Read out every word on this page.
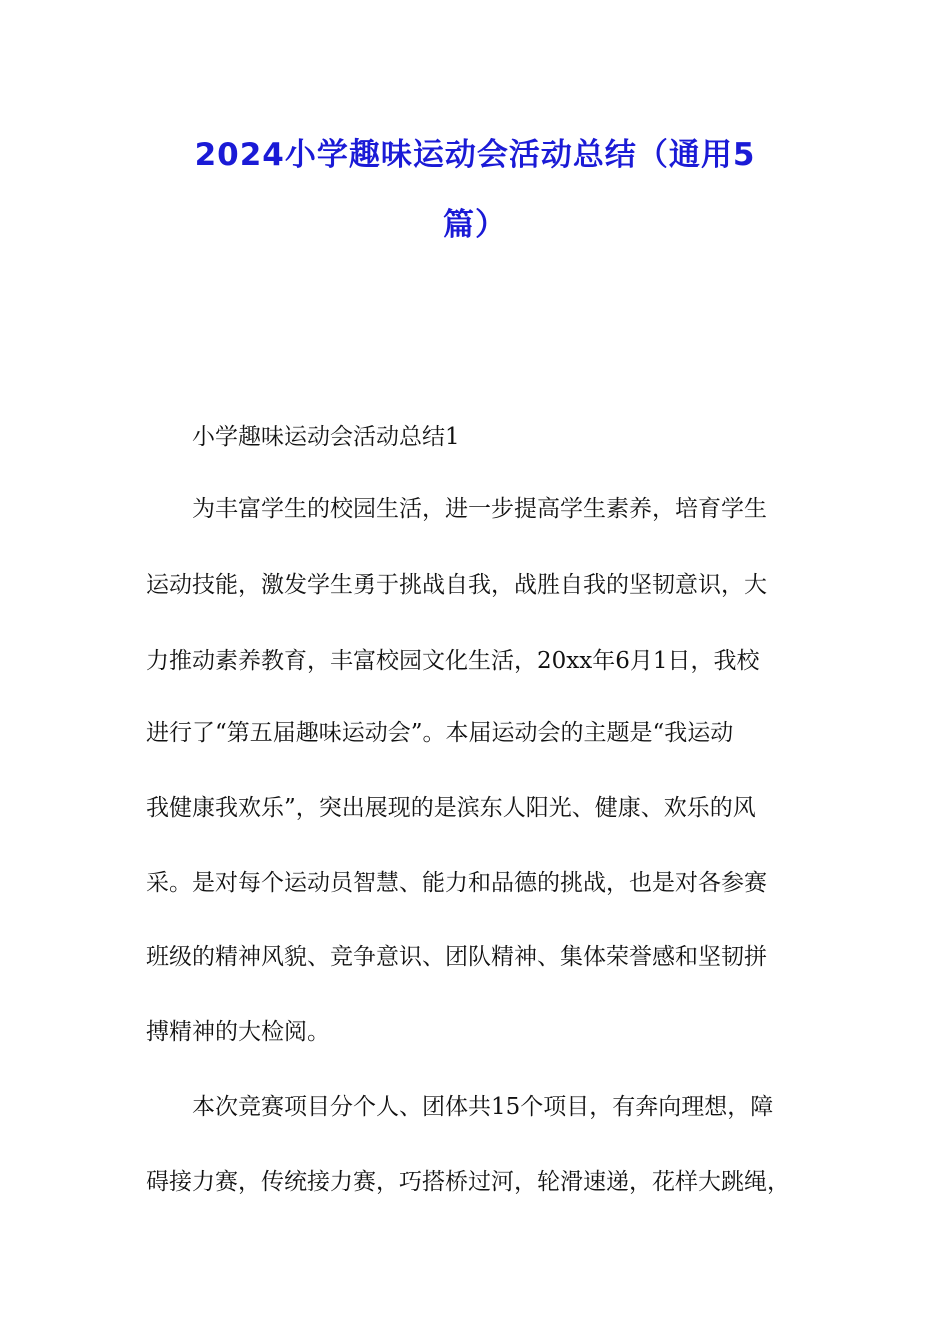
2024小学趣味运动会活动总结（通用5
篇）

小学趣味运动会活动总结1

为丰富学生的校园生活，进一步提高学生素养，培育学生

运动技能，激发学生勇于挑战自我，战胜自我的坚韧意识，大

力推动素养教育，丰富校园文化生活，20xx年6月1日，我校

进行了“第五届趣味运动会”。本届运动会的主题是“我运动

我健康我欢乐”，突出展现的是滨东人阳光、健康、欢乐的风

采。是对每个运动员智慧、能力和品德的挑战，也是对各参赛

班级的精神风貌、竞争意识、团队精神、集体荣誉感和坚韧拼

搏精神的大检阅。

本次竞赛项目分个人、团体共15个项目，有奔向理想，障

碍接力赛，传统接力赛，巧搭桥过河，轮滑速递，花样大跳绳，
